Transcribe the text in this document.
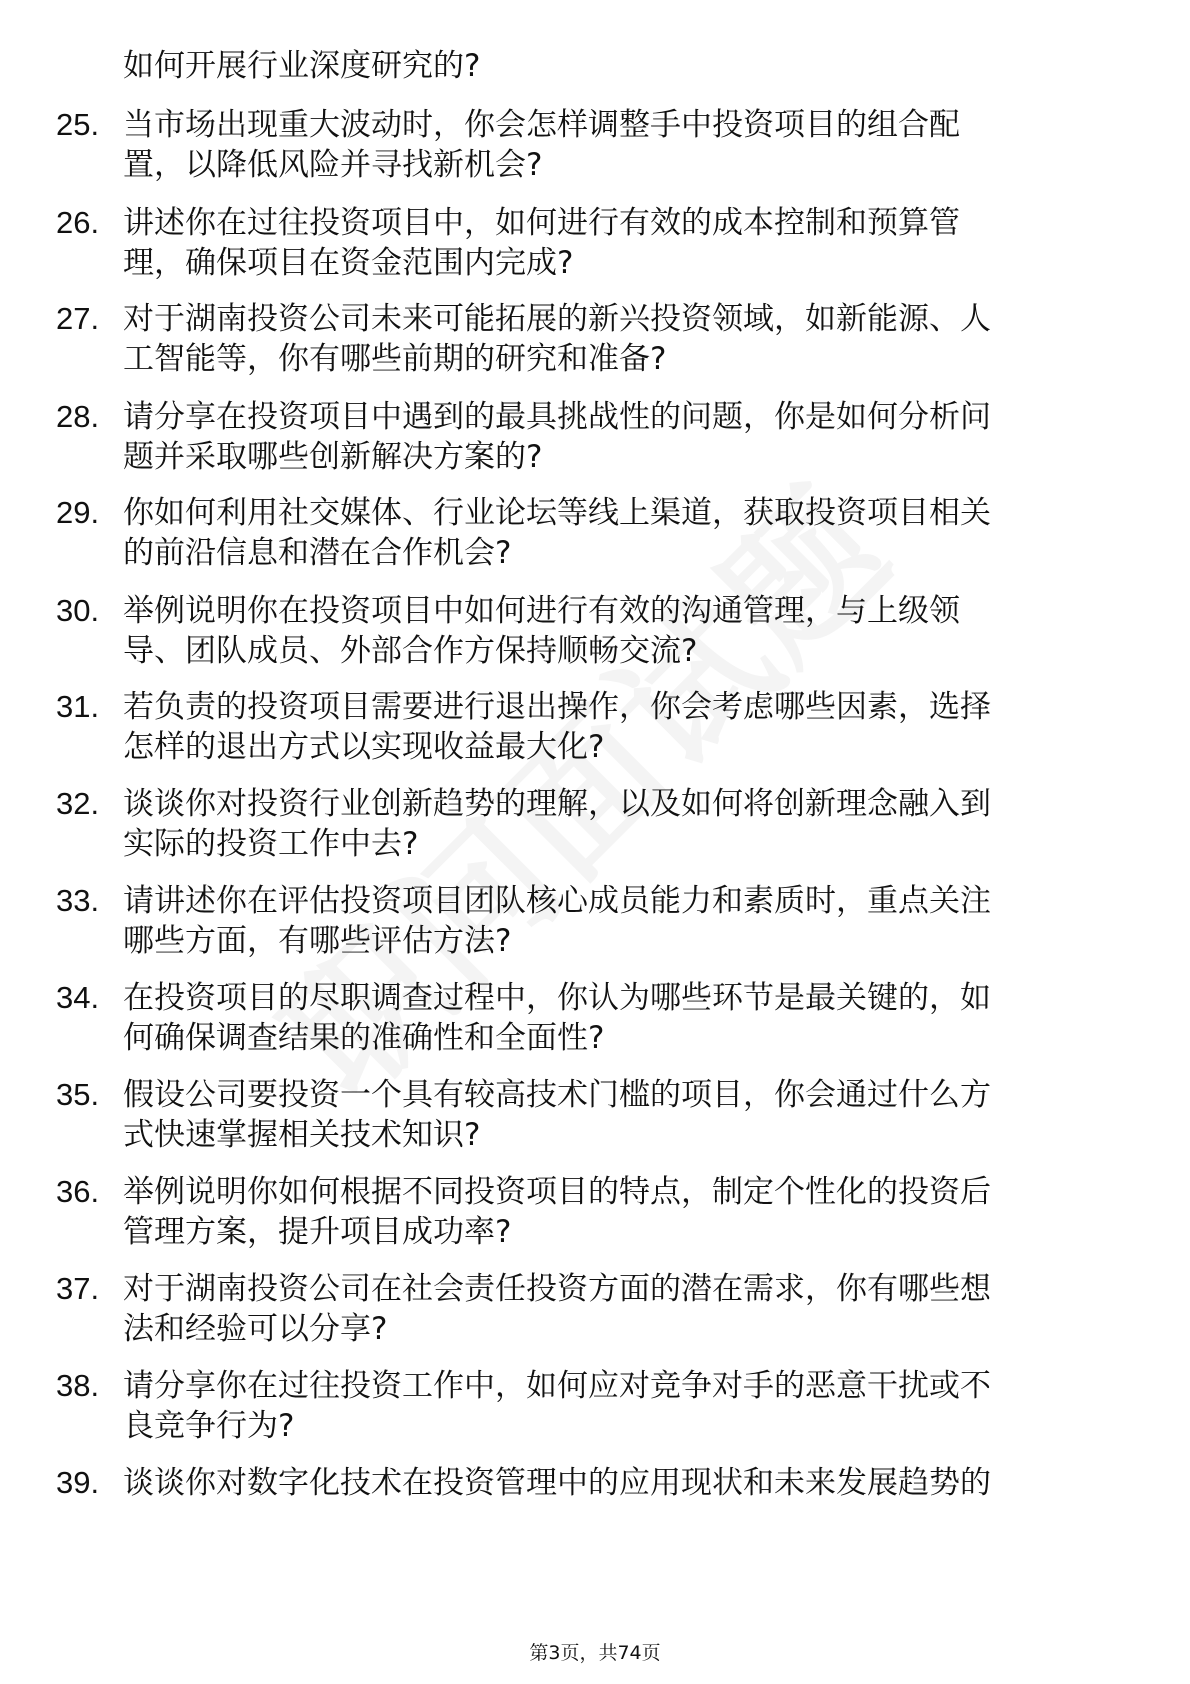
如何开展行业深度研究的?
25. 当市场出现重大波动时，你会怎样调整手中投资项目的组合配
置，以降低风险并寻找新机会?
26. 讲述你在过往投资项目中，如何进行有效的成本控制和预算管
理，确保项目在资金范围内完成?
27. 对于湖南投资公司未来可能拓展的新兴投资领域，如新能源、人
工智能等，你有哪些前期的研究和准备?
28. 请分享在投资项目中遇到的最具挑战性的问题，你是如何分析问
题并采取哪些创新解决方案的?
29. 你如何利用社交媒体、行业论坛等线上渠道，获取投资项目相关
的前沿信息和潜在合作机会?
30. 举例说明你在投资项目中如何进行有效的沟通管理，与上级领
导、团队成员、外部合作方保持顺畅交流?
31. 若负责的投资项目需要进行退出操作，你会考虑哪些因素，选择
怎样的退出方式以实现收益最大化?
32. 谈谈你对投资行业创新趋势的理解，以及如何将创新理念融入到
实际的投资工作中去?
33. 请讲述你在评估投资项目团队核心成员能力和素质时，重点关注
哪些方面，有哪些评估方法?
34. 在投资项目的尽职调查过程中，你认为哪些环节是最关键的，如
何确保调查结果的准确性和全面性?
35. 假设公司要投资一个具有较高技术门槛的项目，你会通过什么方
式快速掌握相关技术知识?
36. 举例说明你如何根据不同投资项目的特点，制定个性化的投资后
管理方案，提升项目成功率?
37. 对于湖南投资公司在社会责任投资方面的潜在需求，你有哪些想
法和经验可以分享?
38. 请分享你在过往投资工作中，如何应对竞争对手的恶意干扰或不
良竞争行为?
39. 谈谈你对数字化技术在投资管理中的应用现状和未来发展趋势的
第3页，共74页
